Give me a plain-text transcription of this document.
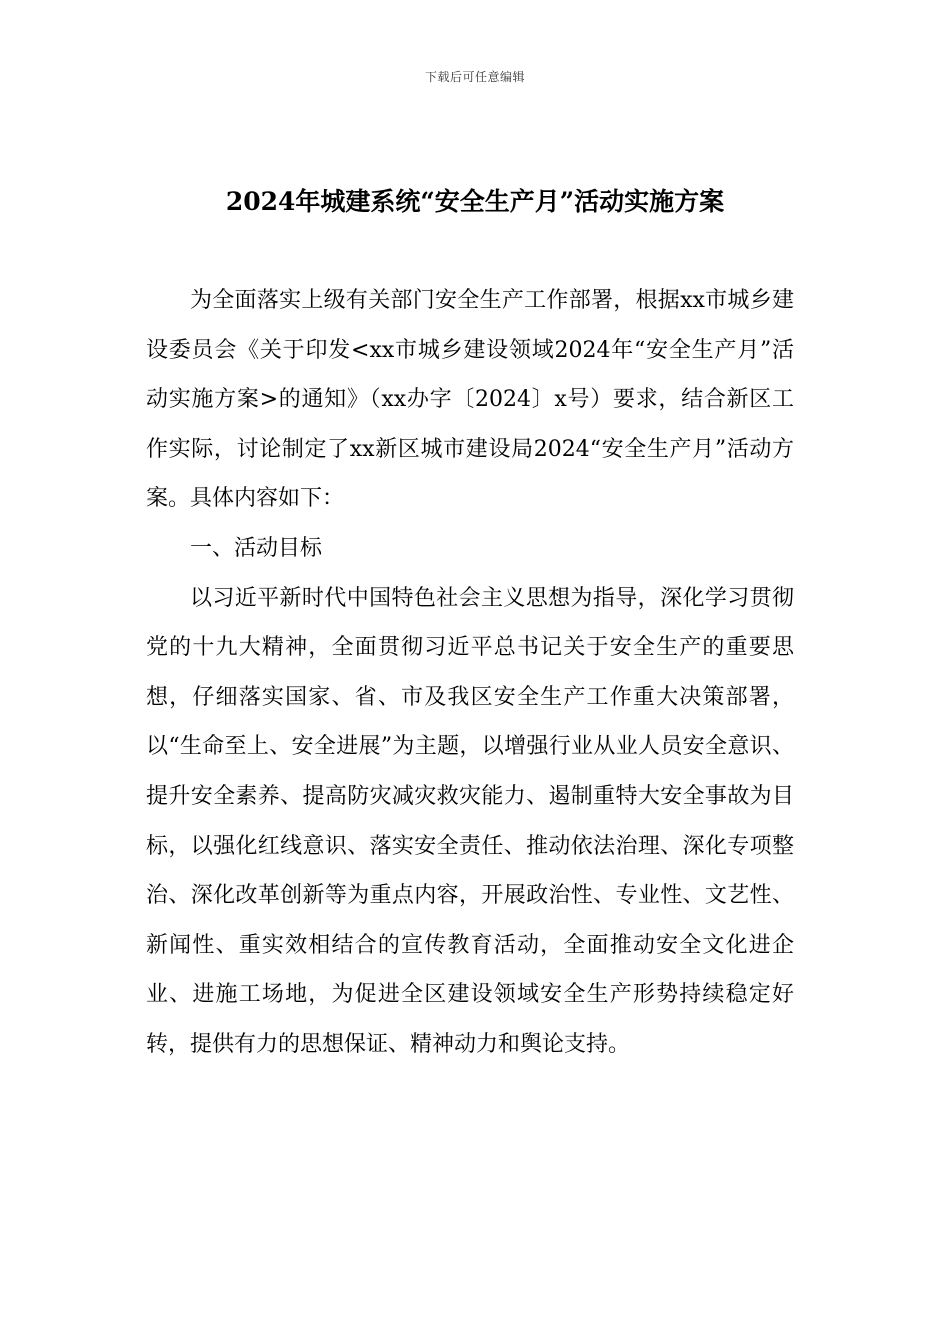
下载后可任意编辑
2024年城建系统“安全生产月”活动实施方案

为全面落实上级有关部门安全生产工作部署，根据xx市城乡建设委员会《关于印发<xx市城乡建设领域2024年“安全生产月”活动实施方案>的通知》（xx办字〔2024〕x号）要求，结合新区工作实际，讨论制定了xx新区城市建设局2024“安全生产月”活动方案。具体内容如下：

一、活动目标

以习近平新时代中国特色社会主义思想为指导，深化学习贯彻党的十九大精神，全面贯彻习近平总书记关于安全生产的重要思想，仔细落实国家、省、市及我区安全生产工作重大决策部署，以“生命至上、安全进展”为主题，以增强行业从业人员安全意识、提升安全素养、提高防灾减灾救灾能力、遏制重特大安全事故为目标，以强化红线意识、落实安全责任、推动依法治理、深化专项整治、深化改革创新等为重点内容，开展政治性、专业性、文艺性、新闻性、重实效相结合的宣传教育活动，全面推动安全文化进企业、进施工场地，为促进全区建设领域安全生产形势持续稳定好转，提供有力的思想保证、精神动力和舆论支持。
